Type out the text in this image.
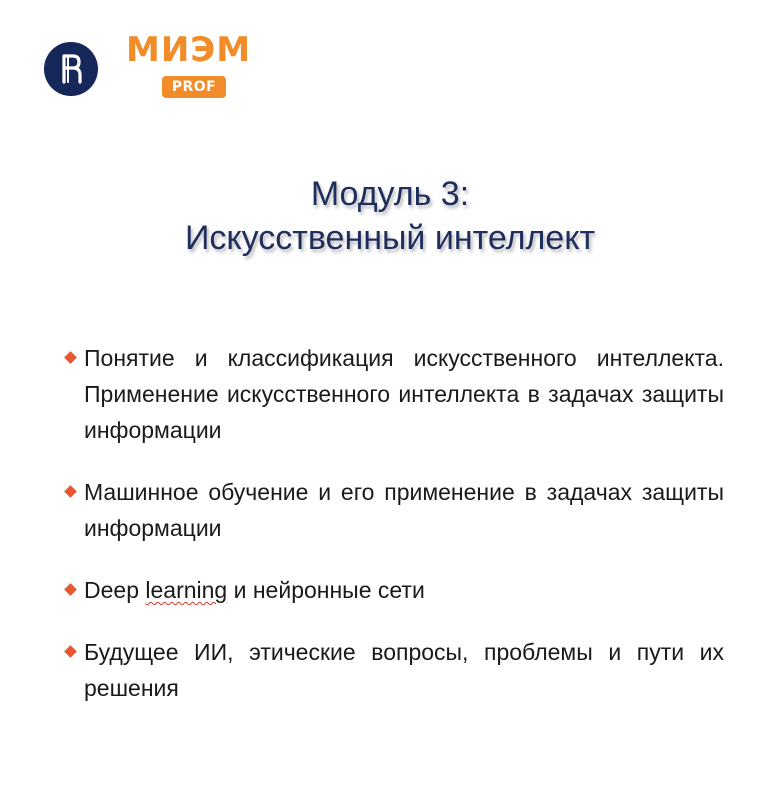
МИЭМ
PROF
Модуль 3:
Искусственный интеллект
Понятие и классификация искусственного интеллекта. Применение искусственного интеллекта в задачах защиты информации
Машинное обучение и его применение в задачах защиты информации
Deep learning и нейронные сети
Будущее ИИ, этические вопросы, проблемы и пути их решения
